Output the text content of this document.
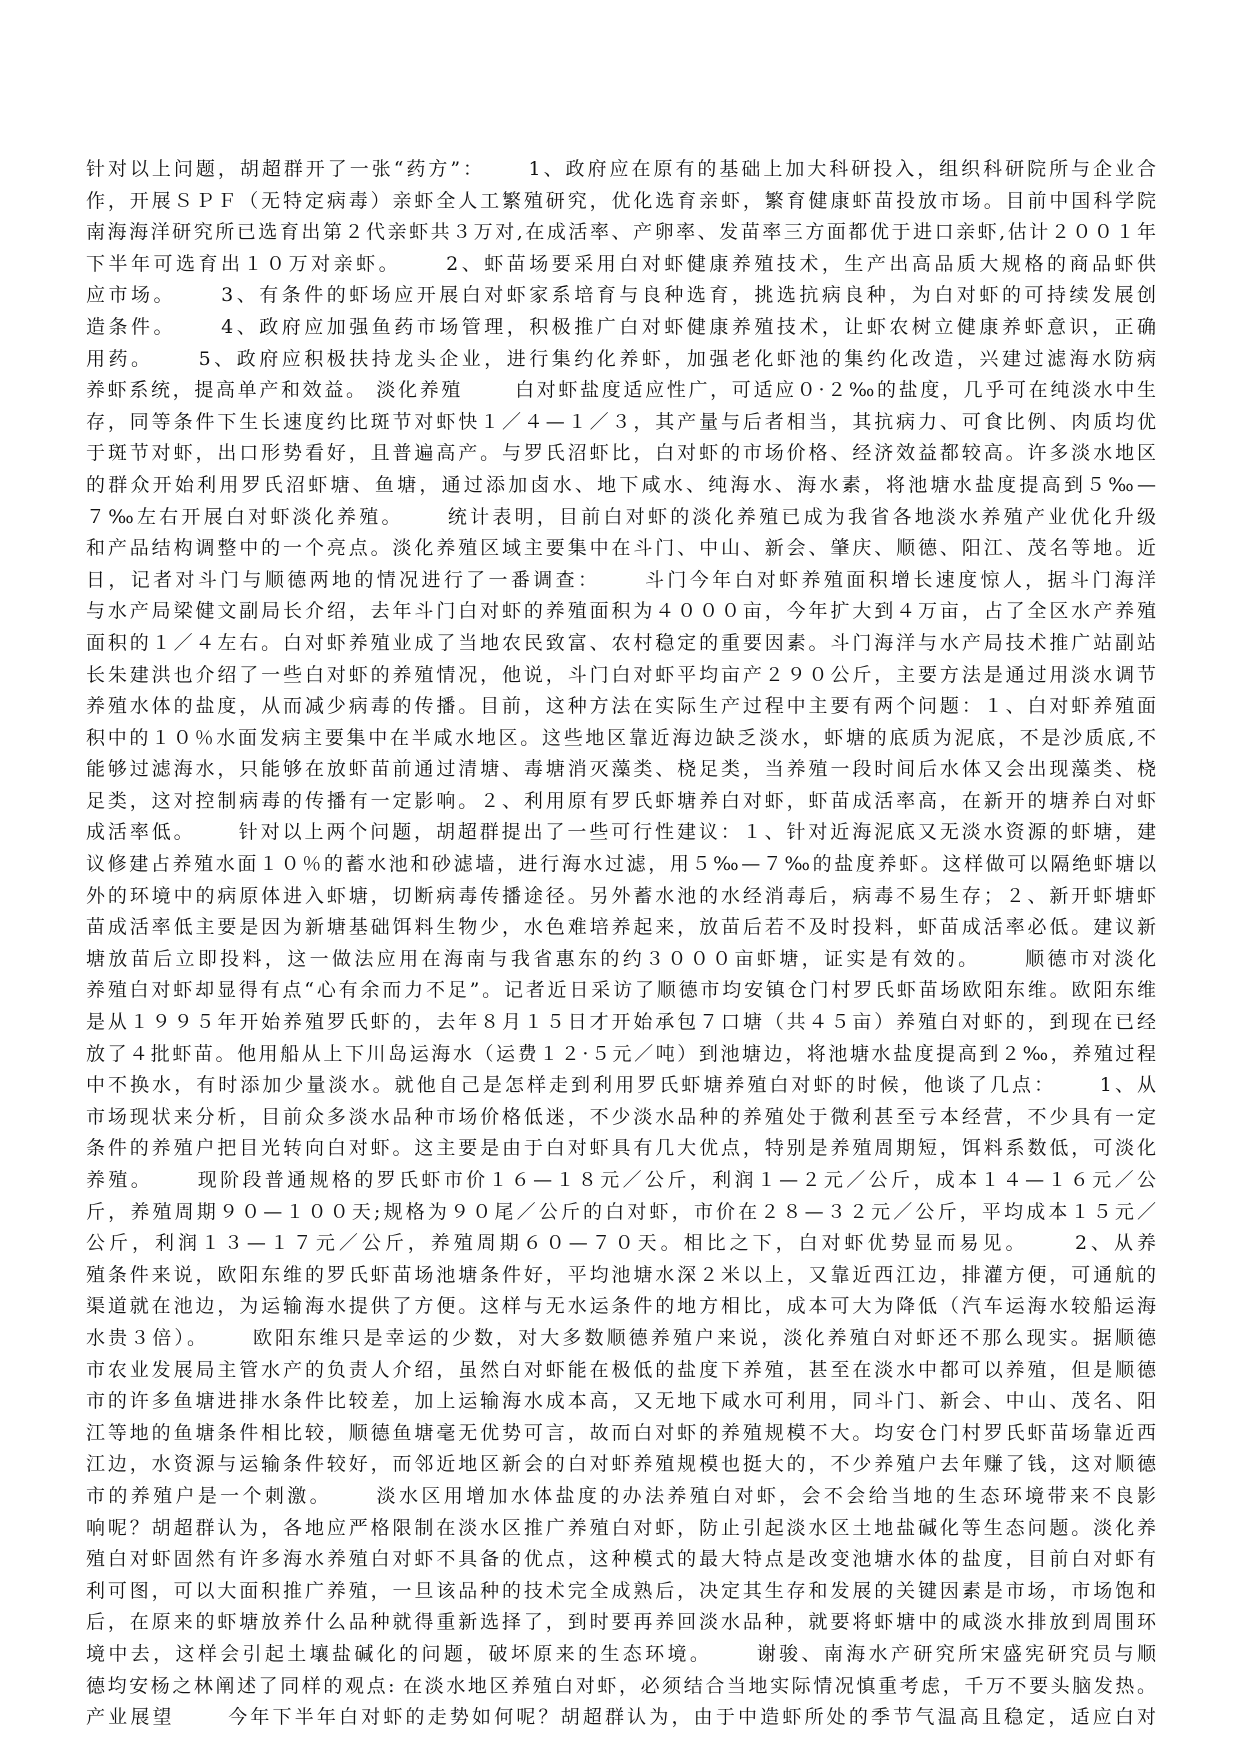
针对以上问题，胡超群开了一张“药方”：　　 1、政府应在原有的基础上加大科研投入，组织科研院所与企业合
作，开展ＳＰＦ（无特定病毒）亲虾全人工繁殖研究，优化选育亲虾，繁育健康虾苗投放市场。目前中国科学院
南海海洋研究所已选育出第２代亲虾共３万对,在成活率、产卵率、发苗率三方面都优于进口亲虾,估计２００１年
下半年可选育出１０万对亲虾。　　 2、虾苗场要采用白对虾健康养殖技术，生产出高品质大规格的商品虾供
应市场。　　 3、有条件的虾场应开展白对虾家系培育与良种选育，挑选抗病良种，为白对虾的可持续发展创
造条件。　　 4、政府应加强鱼药市场管理，积极推广白对虾健康养殖技术，让虾农树立健康养虾意识，正确
用药。　　 5、政府应积极扶持龙头企业，进行集约化养虾，加强老化虾池的集约化改造，兴建过滤海水防病
养虾系统，提高单产和效益。 淡化养殖　　 白对虾盐度适应性广，可适应０·２‰的盐度，几乎可在纯淡水中生
存，同等条件下生长速度约比斑节对虾快１／４—１／３，其产量与后者相当，其抗病力、可食比例、肉质均优
于斑节对虾，出口形势看好，且普遍高产。与罗氏沼虾比，白对虾的市场价格、经济效益都较高。许多淡水地区
的群众开始利用罗氏沼虾塘、鱼塘，通过添加卤水、地下咸水、纯海水、海水素，将池塘水盐度提高到５‰—
７‰左右开展白对虾淡化养殖。　　 统计表明，目前白对虾的淡化养殖已成为我省各地淡水养殖产业优化升级
和产品结构调整中的一个亮点。淡化养殖区域主要集中在斗门、中山、新会、肇庆、顺德、阳江、茂名等地。近
日，记者对斗门与顺德两地的情况进行了一番调查：　　 斗门今年白对虾养殖面积增长速度惊人，据斗门海洋
与水产局梁健文副局长介绍，去年斗门白对虾的养殖面积为４０００亩，今年扩大到４万亩，占了全区水产养殖
面积的１／４左右。白对虾养殖业成了当地农民致富、农村稳定的重要因素。斗门海洋与水产局技术推广站副站
长朱建洪也介绍了一些白对虾的养殖情况，他说，斗门白对虾平均亩产２９０公斤，主要方法是通过用淡水调节
养殖水体的盐度，从而减少病毒的传播。目前，这种方法在实际生产过程中主要有两个问题：１、白对虾养殖面
积中的１０％水面发病主要集中在半咸水地区。这些地区靠近海边缺乏淡水，虾塘的底质为泥底，不是沙质底,不
能够过滤海水，只能够在放虾苗前通过清塘、毒塘消灭藻类、桡足类，当养殖一段时间后水体又会出现藻类、桡
足类，这对控制病毒的传播有一定影响。２、利用原有罗氏虾塘养白对虾，虾苗成活率高，在新开的塘养白对虾
成活率低。　　 针对以上两个问题，胡超群提出了一些可行性建议：１、针对近海泥底又无淡水资源的虾塘，建
议修建占养殖水面１０％的蓄水池和砂滤墙，进行海水过滤，用５‰—７‰的盐度养虾。这样做可以隔绝虾塘以
外的环境中的病原体进入虾塘，切断病毒传播途径。另外蓄水池的水经消毒后，病毒不易生存；２、新开虾塘虾
苗成活率低主要是因为新塘基础饵料生物少，水色难培养起来，放苗后若不及时投料，虾苗成活率必低。建议新
塘放苗后立即投料，这一做法应用在海南与我省惠东的约３０００亩虾塘，证实是有效的。　　 顺德市对淡化
养殖白对虾却显得有点“心有余而力不足”。记者近日采访了顺德市均安镇仓门村罗氏虾苗场欧阳东维。欧阳东维
是从１９９５年开始养殖罗氏虾的，去年８月１５日才开始承包７口塘（共４５亩）养殖白对虾的，到现在已经
放了４批虾苗。他用船从上下川岛运海水（运费１２·５元／吨）到池塘边，将池塘水盐度提高到２‰，养殖过程
中不换水，有时添加少量淡水。就他自己是怎样走到利用罗氏虾塘养殖白对虾的时候，他谈了几点：　　 1、从
市场现状来分析，目前众多淡水品种市场价格低迷，不少淡水品种的养殖处于微利甚至亏本经营，不少具有一定
条件的养殖户把目光转向白对虾。这主要是由于白对虾具有几大优点，特别是养殖周期短，饵料系数低，可淡化
养殖。　　 现阶段普通规格的罗氏虾市价１６—１８元／公斤，利润１—２元／公斤，成本１４—１６元／公
斤，养殖周期９０—１００天;规格为９０尾／公斤的白对虾，市价在２８—３２元／公斤，平均成本１５元／
公斤，利润１３—１７元／公斤，养殖周期６０—７０天。相比之下，白对虾优势显而易见。　　 2、从养
殖条件来说，欧阳东维的罗氏虾苗场池塘条件好，平均池塘水深２米以上，又靠近西江边，排灌方便，可通航的
渠道就在池边，为运输海水提供了方便。这样与无水运条件的地方相比，成本可大为降低（汽车运海水较船运海
水贵３倍）。　　 欧阳东维只是幸运的少数，对大多数顺德养殖户来说，淡化养殖白对虾还不那么现实。据顺德
市农业发展局主管水产的负责人介绍，虽然白对虾能在极低的盐度下养殖，甚至在淡水中都可以养殖，但是顺德
市的许多鱼塘进排水条件比较差，加上运输海水成本高，又无地下咸水可利用，同斗门、新会、中山、茂名、阳
江等地的鱼塘条件相比较，顺德鱼塘毫无优势可言，故而白对虾的养殖规模不大。均安仓门村罗氏虾苗场靠近西
江边，水资源与运输条件较好，而邻近地区新会的白对虾养殖规模也挺大的，不少养殖户去年赚了钱，这对顺德
市的养殖户是一个刺激。　　 淡水区用增加水体盐度的办法养殖白对虾，会不会给当地的生态环境带来不良影
响呢？胡超群认为，各地应严格限制在淡水区推广养殖白对虾，防止引起淡水区土地盐碱化等生态问题。淡化养
殖白对虾固然有许多海水养殖白对虾不具备的优点，这种模式的最大特点是改变池塘水体的盐度，目前白对虾有
利可图，可以大面积推广养殖，一旦该品种的技术完全成熟后，决定其生存和发展的关键因素是市场，市场饱和
后，在原来的虾塘放养什么品种就得重新选择了，到时要再养回淡水品种，就要将虾塘中的咸淡水排放到周围环
境中去，这样会引起土壤盐碱化的问题，破坏原来的生态环境。　　 谢骏、南海水产研究所宋盛宪研究员与顺
德均安杨之林阐述了同样的观点: 在淡水地区养殖白对虾，必须结合当地实际情况慎重考虑，千万不要头脑发热。
产业展望　　 今年下半年白对虾的走势如何呢？胡超群认为，由于中造虾所处的季节气温高且稳定，适应白对
